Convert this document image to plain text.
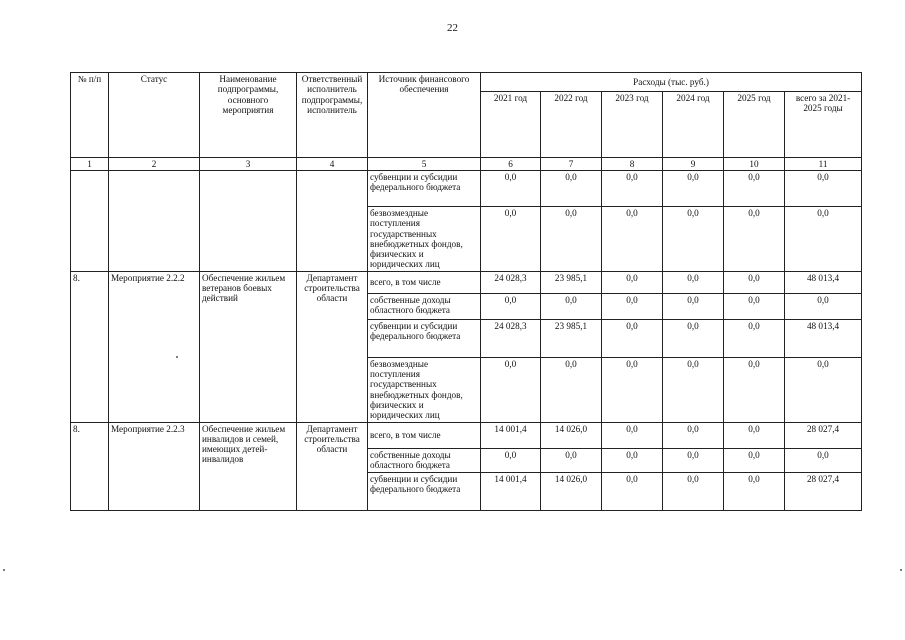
22
№ п/п	Статус	Наименование подпрограммы, основного мероприятия	Ответственный исполнитель подпрограммы, исполнитель	Источник финансового обеспечения	Расходы (тыс. руб.)					
					2021 год	2022 год	2023 год	2024 год	2025 год	всего за 2021-2025 годы
1	2	3	4	5	6	7	8	9	10	11
				субвенции и субсидии федерального бюджета	0,0	0,0	0,0	0,0	0,0	0,0
				безвозмездные поступления государственных внебюджетных фондов, физических и юридических лиц	0,0	0,0	0,0	0,0	0,0	0,0
8.	Мероприятие 2.2.2	Обеспечение жильем ветеранов боевых действий	Департамент строительства области	всего, в том числе	24 028,3	23 985,1	0,0	0,0	0,0	48 013,4
				собственные доходы областного бюджета	0,0	0,0	0,0	0,0	0,0	0,0
				субвенции и субсидии федерального бюджета	24 028,3	23 985,1	0,0	0,0	0,0	48 013,4
				безвозмездные поступления государственных внебюджетных фондов, физических и юридических лиц	0,0	0,0	0,0	0,0	0,0	0,0
8.	Мероприятие 2.2.3	Обеспечение жильем инвалидов и семей, имеющих детей-инвалидов	Департамент строительства области	всего, в том числе	14 001,4	14 026,0	0,0	0,0	0,0	28 027,4
				собственные доходы областного бюджета	0,0	0,0	0,0	0,0	0,0	0,0
				субвенции и субсидии федерального бюджета	14 001,4	14 026,0	0,0	0,0	0,0	28 027,4
